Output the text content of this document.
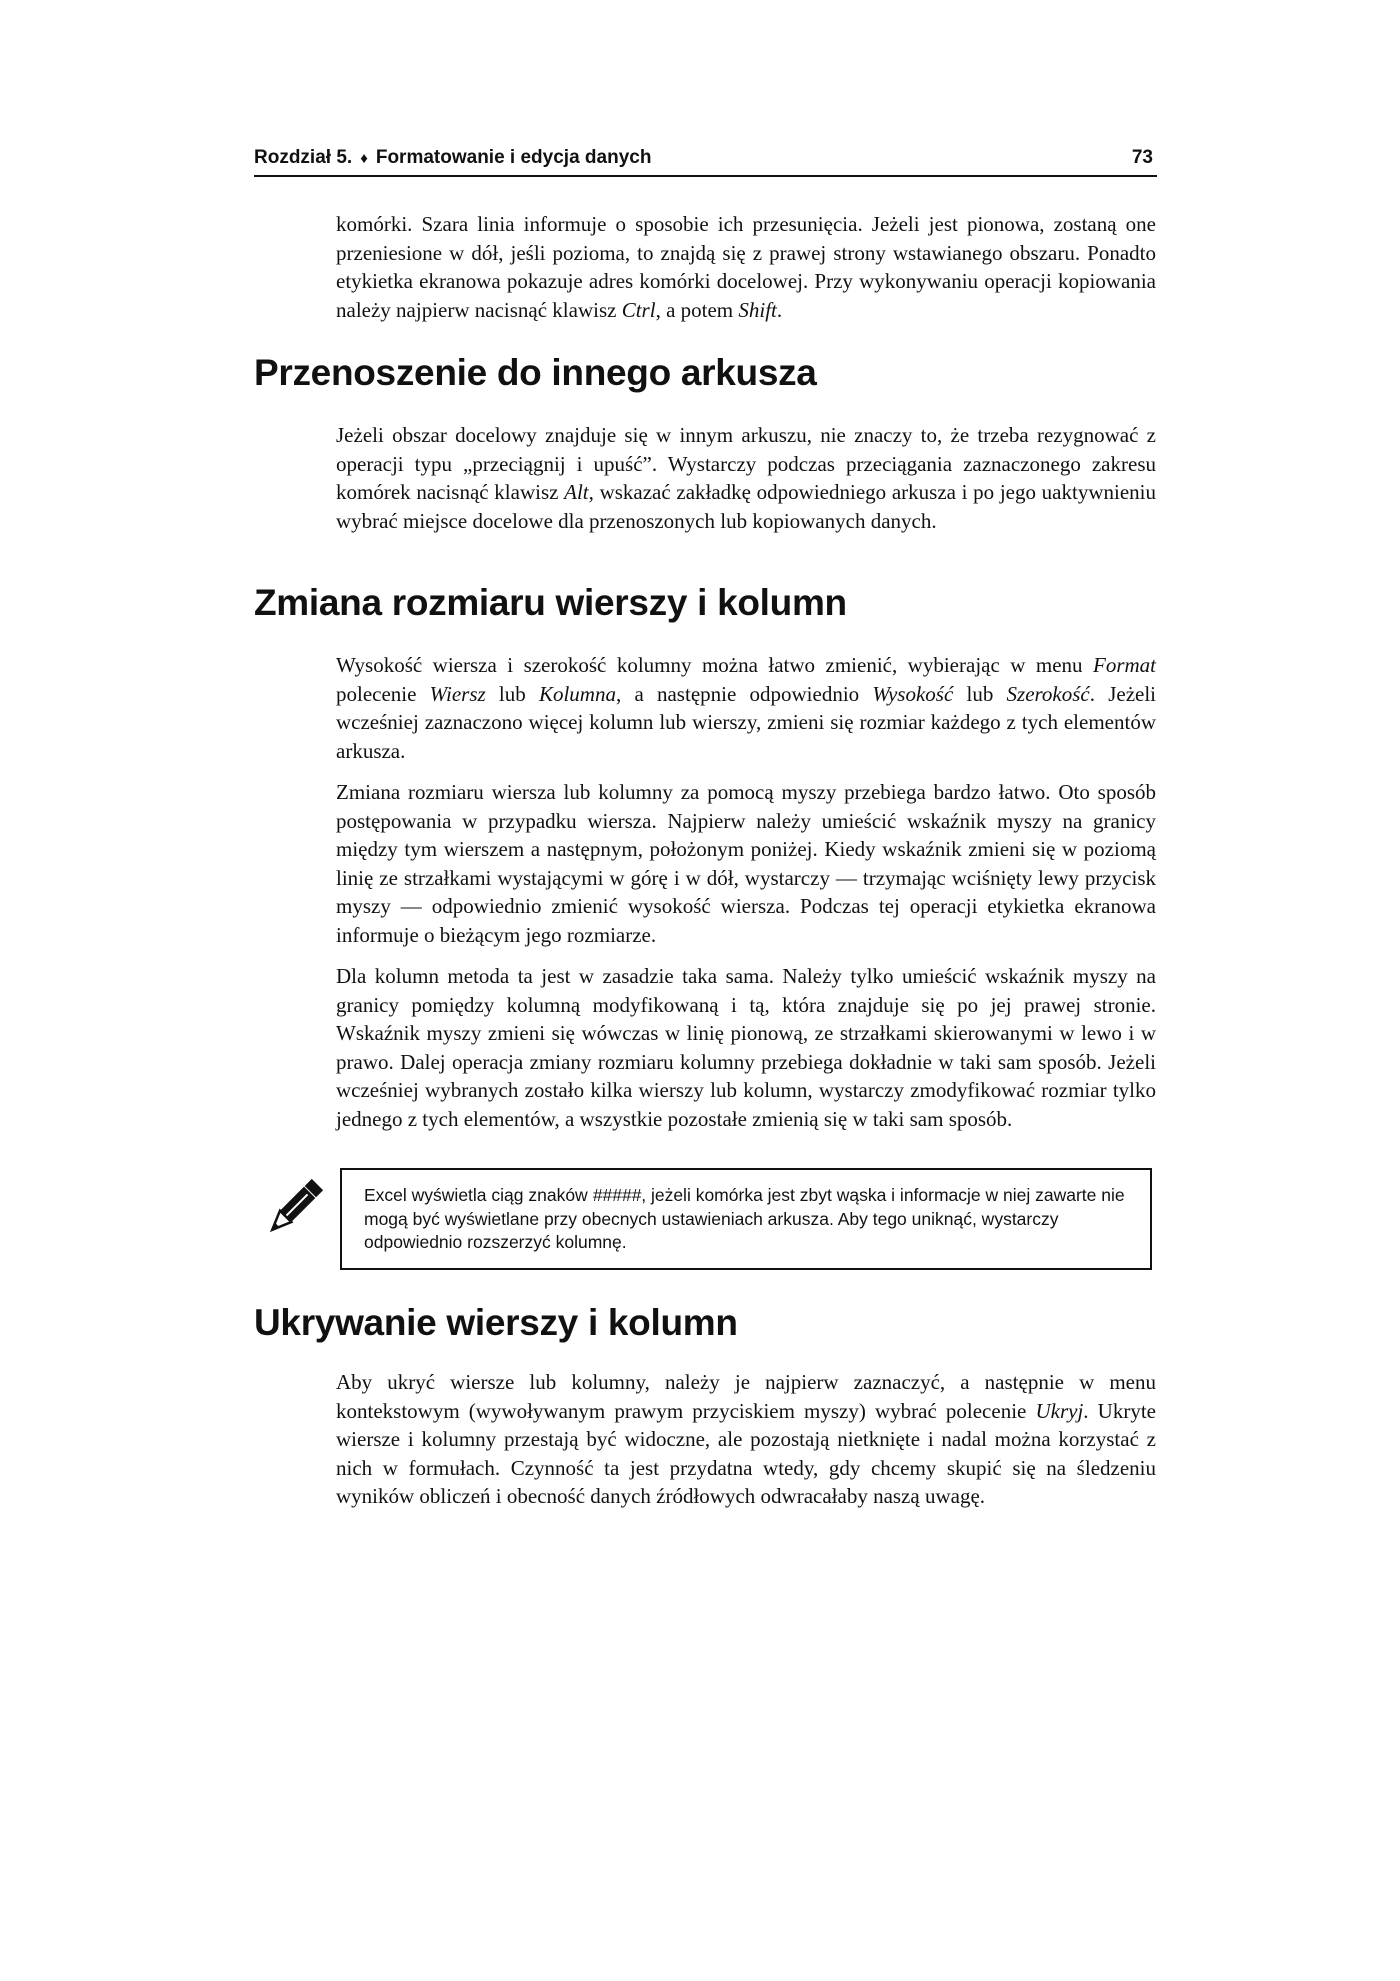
Rozdział 5. ♦ Formatowanie i edycja danych	73

komórki. Szara linia informuje o sposobie ich przesunięcia. Jeżeli jest pionowa, zostaną one przeniesione w dół, jeśli pozioma, to znajdą się z prawej strony wstawianego obszaru. Ponadto etykietka ekranowa pokazuje adres komórki docelowej. Przy wykonywaniu operacji kopiowania należy najpierw nacisnąć klawisz Ctrl, a potem Shift.

Przenoszenie do innego arkusza

Jeżeli obszar docelowy znajduje się w innym arkuszu, nie znaczy to, że trzeba rezygnować z operacji typu „przeciągnij i upuść”. Wystarczy podczas przeciągania zaznaczonego zakresu komórek nacisnąć klawisz Alt, wskazać zakładkę odpowiedniego arkusza i po jego uaktywnieniu wybrać miejsce docelowe dla przenoszonych lub kopiowanych danych.

Zmiana rozmiaru wierszy i kolumn

Wysokość wiersza i szerokość kolumny można łatwo zmienić, wybierając w menu Format polecenie Wiersz lub Kolumna, a następnie odpowiednio Wysokość lub Szerokość. Jeżeli wcześniej zaznaczono więcej kolumn lub wierszy, zmieni się rozmiar każdego z tych elementów arkusza.

Zmiana rozmiaru wiersza lub kolumny za pomocą myszy przebiega bardzo łatwo. Oto sposób postępowania w przypadku wiersza. Najpierw należy umieścić wskaźnik myszy na granicy między tym wierszem a następnym, położonym poniżej. Kiedy wskaźnik zmieni się w poziomą linię ze strzałkami wystającymi w górę i w dół, wystarczy — trzymając wciśnięty lewy przycisk myszy — odpowiednio zmienić wysokość wiersza. Podczas tej operacji etykietka ekranowa informuje o bieżącym jego rozmiarze.

Dla kolumn metoda ta jest w zasadzie taka sama. Należy tylko umieścić wskaźnik myszy na granicy pomiędzy kolumną modyfikowaną i tą, która znajduje się po jej prawej stronie. Wskaźnik myszy zmieni się wówczas w linię pionową, ze strzałkami skierowanymi w lewo i w prawo. Dalej operacja zmiany rozmiaru kolumny przebiega dokładnie w taki sam sposób. Jeżeli wcześniej wybranych zostało kilka wierszy lub kolumn, wystarczy zmodyfikować rozmiar tylko jednego z tych elementów, a wszystkie pozostałe zmienią się w taki sam sposób.

Excel wyświetla ciąg znaków #####, jeżeli komórka jest zbyt wąska i informacje w niej zawarte nie mogą być wyświetlane przy obecnych ustawieniach arkusza. Aby tego uniknąć, wystarczy odpowiednio rozszerzyć kolumnę.
Ukrywanie wierszy i kolumn

Aby ukryć wiersze lub kolumny, należy je najpierw zaznaczyć, a następnie w menu kontekstowym (wywoływanym prawym przyciskiem myszy) wybrać polecenie Ukryj. Ukryte wiersze i kolumny przestają być widoczne, ale pozostają nietknięte i nadal można korzystać z nich w formułach. Czynność ta jest przydatna wtedy, gdy chcemy skupić się na śledzeniu wyników obliczeń i obecność danych źródłowych odwracałaby naszą uwagę.
